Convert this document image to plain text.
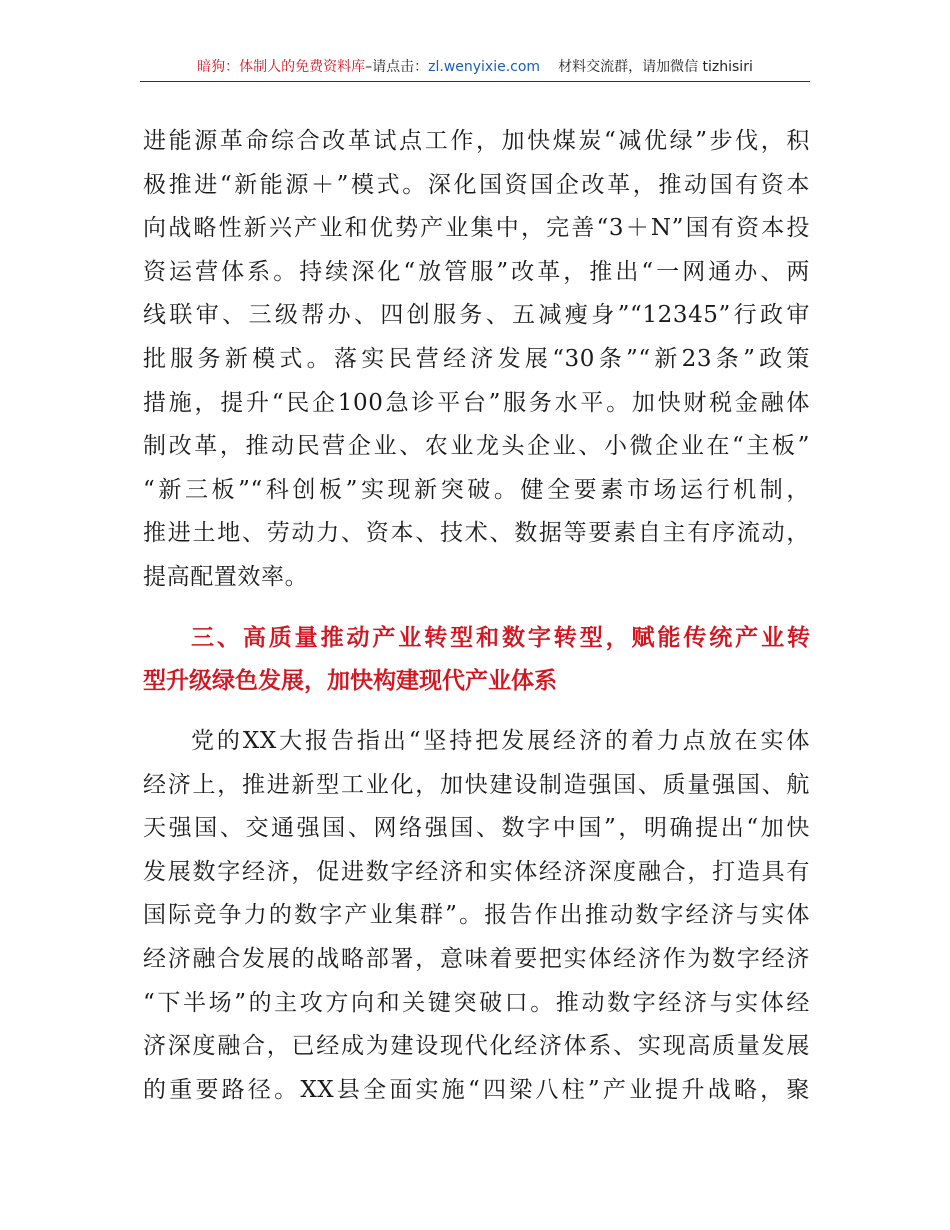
暗狗：体制人的免费资料库–请点击：zl.wenyixie.com 材料交流群，请加微信 tizhisiri
进能源革命综合改革试点工作，加快煤炭“减优绿”步伐，积
极推进“新能源＋”模式。深化国资国企改革，推动国有资本
向战略性新兴产业和优势产业集中，完善“3＋N”国有资本投
资运营体系。持续深化“放管服”改革，推出“一网通办、两
线联审、三级帮办、四创服务、五减瘦身”“12345”行政审
批服务新模式。落实民营经济发展“30条”“新23条”政策
措施，提升“民企100急诊平台”服务水平。加快财税金融体
制改革，推动民营企业、农业龙头企业、小微企业在“主板”
“新三板”“科创板”实现新突破。健全要素市场运行机制，
推进土地、劳动力、资本、技术、数据等要素自主有序流动，
提高配置效率。
三、高质量推动产业转型和数字转型，赋能传统产业转
型升级绿色发展，加快构建现代产业体系
党的XX大报告指出“坚持把发展经济的着力点放在实体
经济上，推进新型工业化，加快建设制造强国、质量强国、航
天强国、交通强国、网络强国、数字中国”，明确提出“加快
发展数字经济，促进数字经济和实体经济深度融合，打造具有
国际竞争力的数字产业集群”。报告作出推动数字经济与实体
经济融合发展的战略部署，意味着要把实体经济作为数字经济
“下半场”的主攻方向和关键突破口。推动数字经济与实体经
济深度融合，已经成为建设现代化经济体系、实现高质量发展
的重要路径。XX县全面实施“四梁八柱”产业提升战略，聚
